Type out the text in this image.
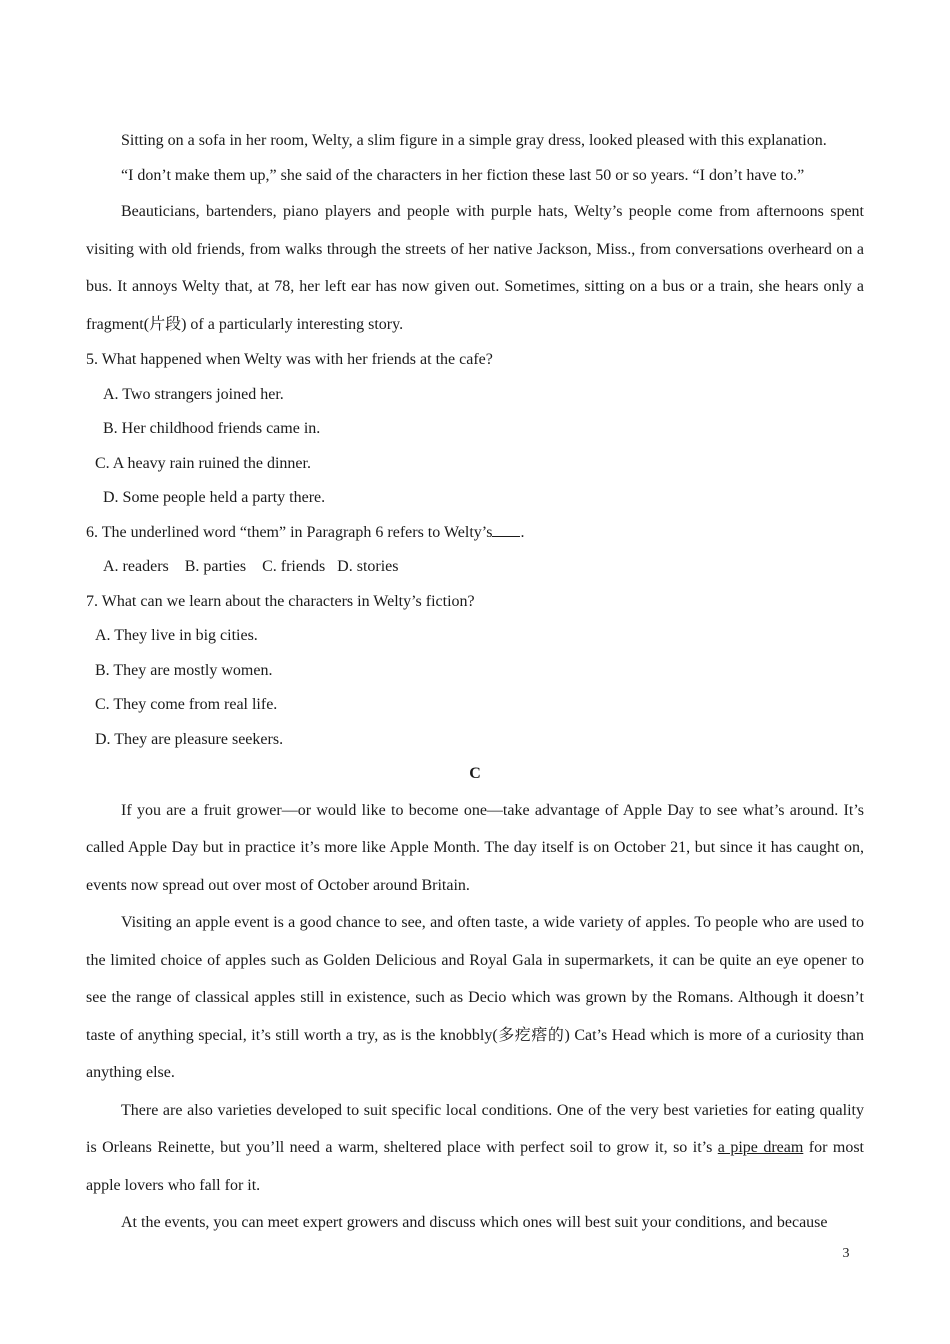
Sitting on a sofa in her room, Welty, a slim figure in a simple gray dress, looked pleased with this explanation.

“I don’t make them up,” she said of the characters in her fiction these last 50 or so years. “I don’t have to.”

Beauticians, bartenders, piano players and people with purple hats, Welty’s people come from afternoons spent visiting with old friends, from walks through the streets of her native Jackson, Miss., from conversations overheard on a bus. It annoys Welty that, at 78, her left ear has now given out. Sometimes, sitting on a bus or a train, she hears only a fragment(片段) of a particularly interesting story.

5. What happened when Welty was with her friends at the cafe?

A. Two strangers joined her.

B. Her childhood friends came in.

C. A heavy rain ruined the dinner.

D. Some people held a party there.

6. The underlined word “them” in Paragraph 6 refers to Welty’s .

A. readers    B. parties    C. friends   D. stories

7. What can we learn about the characters in Welty’s fiction?

A. They live in big cities.

B. They are mostly women.

C. They come from real life.

D. They are pleasure seekers.

C

If you are a fruit grower—or would like to become one—take advantage of Apple Day to see what’s around. It’s called Apple Day but in practice it’s more like Apple Month. The day itself is on October 21, but since it has caught on, events now spread out over most of October around Britain.

Visiting an apple event is a good chance to see, and often taste, a wide variety of apples. To people who are used to the limited choice of apples such as Golden Delicious and Royal Gala in supermarkets, it can be quite an eye opener to see the range of classical apples still in existence, such as Decio which was grown by the Romans. Although it doesn’t taste of anything special, it’s still worth a try, as is the knobbly(多疙瘩的) Cat’s Head which is more of a curiosity than anything else.

There are also varieties developed to suit specific local conditions. One of the very best varieties for eating quality is Orleans Reinette, but you’ll need a warm, sheltered place with perfect soil to grow it, so it’s a pipe dream for most apple lovers who fall for it.

At the events, you can meet expert growers and discuss which ones will best suit your conditions, and because

3
